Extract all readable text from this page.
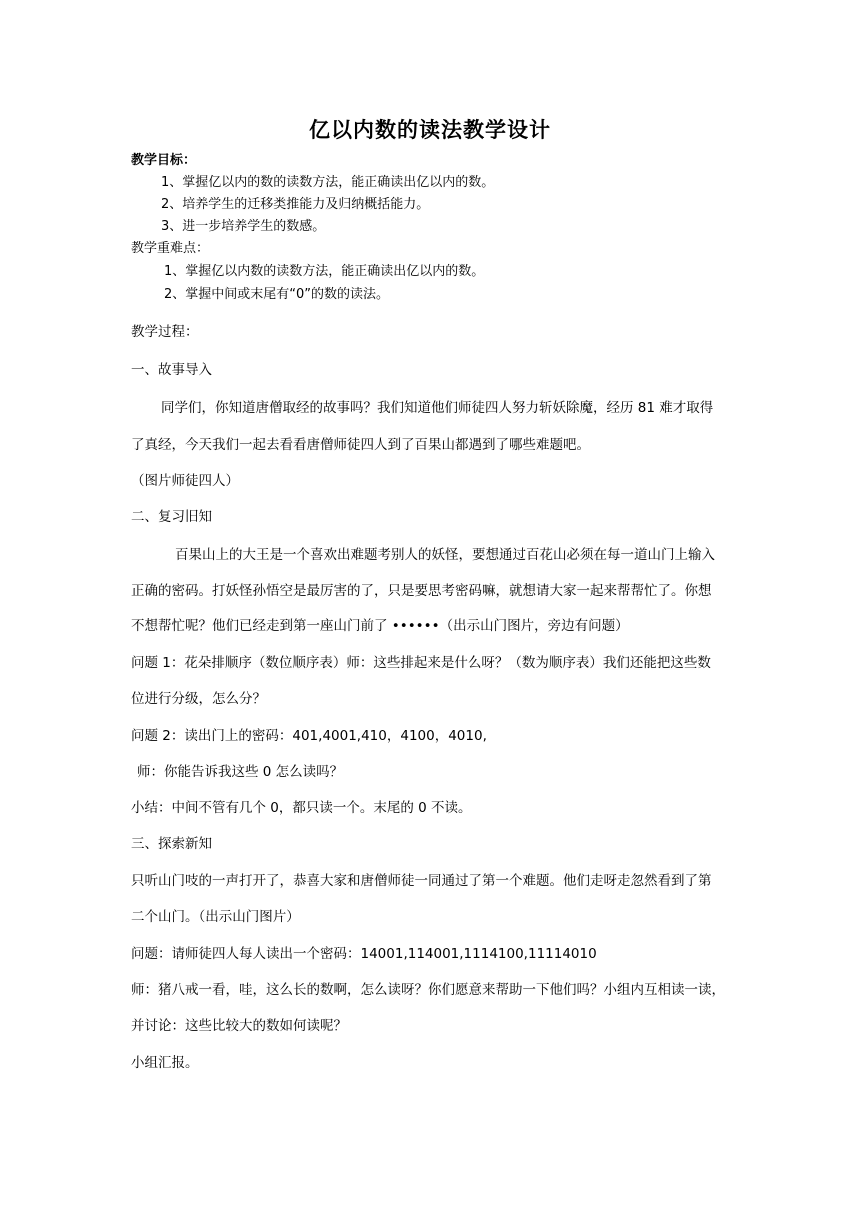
亿以内数的读法教学设计
教学目标：
1、掌握亿以内的数的读数方法，能正确读出亿以内的数。
2、培养学生的迁移类推能力及归纳概括能力。
3、进一步培养学生的数感。
教学重难点：
1、掌握亿以内数的读数方法，能正确读出亿以内的数。
2、掌握中间或末尾有“0”的数的读法。
教学过程：
一、故事导入
同学们，你知道唐僧取经的故事吗？我们知道他们师徒四人努力斩妖除魔，经历 81 难才取得
了真经，今天我们一起去看看唐僧师徒四人到了百果山都遇到了哪些难题吧。
（图片师徒四人）
二、复习旧知
百果山上的大王是一个喜欢出难题考别人的妖怪，要想通过百花山必须在每一道山门上输入
正确的密码。打妖怪孙悟空是最厉害的了，只是要思考密码嘛，就想请大家一起来帮帮忙了。你想
不想帮忙呢？他们已经走到第一座山门前了 ••••••（出示山门图片，旁边有问题）
问题 1：花朵排顺序（数位顺序表）师：这些排起来是什么呀？（数为顺序表）我们还能把这些数
位进行分级，怎么分？
问题 2：读出门上的密码：401,4001,410，4100，4010,
师：你能告诉我这些 0 怎么读吗？
小结：中间不管有几个 0，都只读一个。末尾的 0 不读。
三、探索新知
只听山门吱的一声打开了，恭喜大家和唐僧师徒一同通过了第一个难题。他们走呀走忽然看到了第
二个山门。（出示山门图片）
问题：请师徒四人每人读出一个密码：14001,114001,1114100,11114010
师：猪八戒一看，哇，这么长的数啊，怎么读呀？你们愿意来帮助一下他们吗？小组内互相读一读，
并讨论：这些比较大的数如何读呢？
小组汇报。
